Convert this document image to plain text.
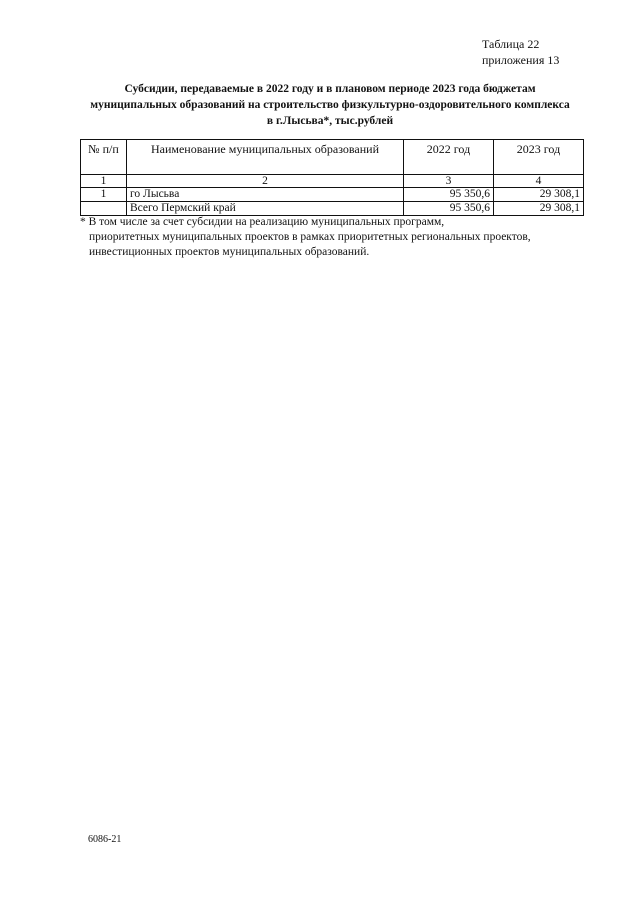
Таблица 22
приложения 13
Субсидии, передаваемые в 2022 году и в плановом периоде 2023 года бюджетам
муниципальных образований на строительство физкультурно-оздоровительного комплекса
в г.Лысьва*, тыс.рублей
№ п/п	Наименование муниципальных образований	2022 год	2023 год
1	2	3	4
1	го Лысьва	95 350,6	29 308,1
	Всего Пермский край	95 350,6	29 308,1
* В том числе за счет субсидии на реализацию муниципальных программ,
приоритетных муниципальных проектов в рамках приоритетных региональных проектов,
инвестиционных проектов муниципальных образований.
6086-21
